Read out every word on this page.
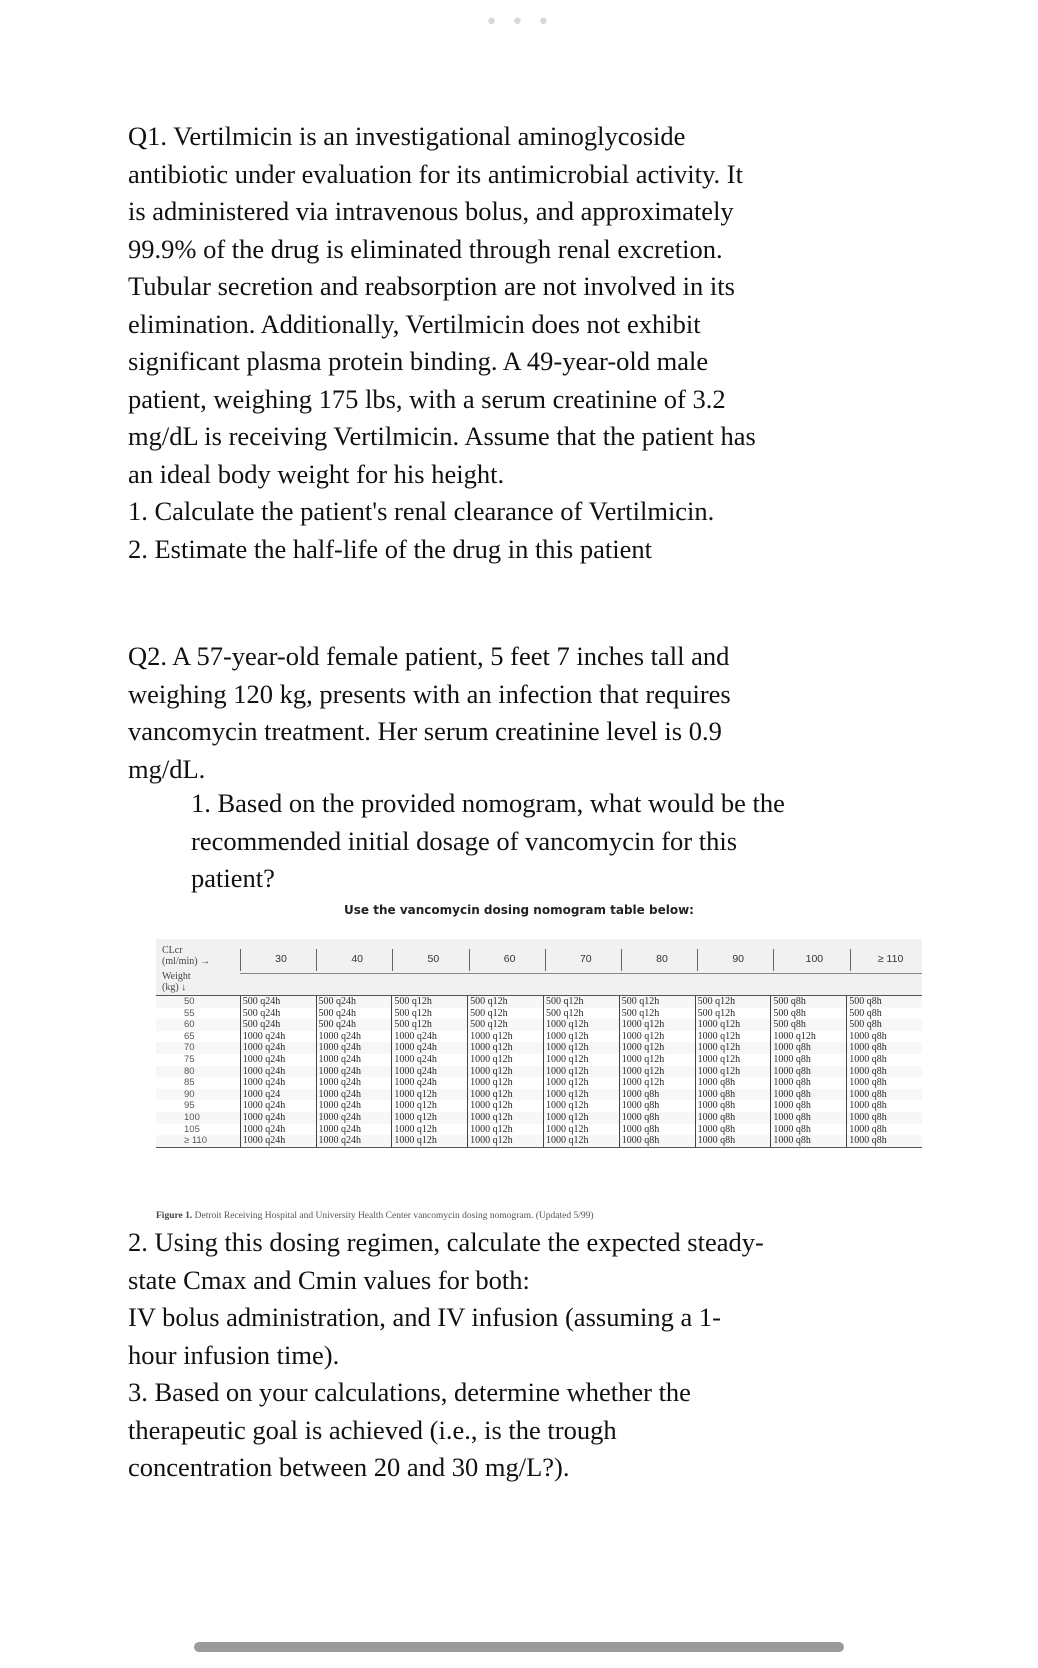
• • •

Q1. Vertilmicin is an investigational aminoglycoside
antibiotic under evaluation for its antimicrobial activity. It
is administered via intravenous bolus, and approximately
99.9% of the drug is eliminated through renal excretion.
Tubular secretion and reabsorption are not involved in its
elimination. Additionally, Vertilmicin does not exhibit
significant plasma protein binding. A 49-year-old male
patient, weighing 175 lbs, with a serum creatinine of 3.2
mg/dL is receiving Vertilmicin. Assume that the patient has
an ideal body weight for his height.
1. Calculate the patient's renal clearance of Vertilmicin.
2. Estimate the half-life of the drug in this patient

Q2. A 57-year-old female patient, 5 feet 7 inches tall and
weighing 120 kg, presents with an infection that requires
vancomycin treatment. Her serum creatinine level is 0.9
mg/dL.

1. Based on the provided nomogram, what would be the
recommended initial dosage of vancomycin for this
patient?

Use the vancomycin dosing nomogram table below:
CLcr
(ml/min) →
Weight
(kg) ↓
30	40	50	60	70	80	90	100	≥ 110
50	500 q24h	500 q24h	500 q12h	500 q12h	500 q12h	500 q12h	500 q12h	500 q8h	500 q8h
55	500 q24h	500 q24h	500 q12h	500 q12h	500 q12h	500 q12h	500 q12h	500 q8h	500 q8h
60	500 q24h	500 q24h	500 q12h	500 q12h	1000 q12h	1000 q12h	1000 q12h	500 q8h	500 q8h
65	1000 q24h	1000 q24h	1000 q24h	1000 q12h	1000 q12h	1000 q12h	1000 q12h	1000 q12h	1000 q8h
70	1000 q24h	1000 q24h	1000 q24h	1000 q12h	1000 q12h	1000 q12h	1000 q12h	1000 q8h	1000 q8h
75	1000 q24h	1000 q24h	1000 q24h	1000 q12h	1000 q12h	1000 q12h	1000 q12h	1000 q8h	1000 q8h
80	1000 q24h	1000 q24h	1000 q24h	1000 q12h	1000 q12h	1000 q12h	1000 q12h	1000 q8h	1000 q8h
85	1000 q24h	1000 q24h	1000 q24h	1000 q12h	1000 q12h	1000 q12h	1000 q8h	1000 q8h	1000 q8h
90	1000 q24	1000 q24h	1000 q12h	1000 q12h	1000 q12h	1000 q8h	1000 q8h	1000 q8h	1000 q8h
95	1000 q24h	1000 q24h	1000 q12h	1000 q12h	1000 q12h	1000 q8h	1000 q8h	1000 q8h	1000 q8h
100	1000 q24h	1000 q24h	1000 q12h	1000 q12h	1000 q12h	1000 q8h	1000 q8h	1000 q8h	1000 q8h
105	1000 q24h	1000 q24h	1000 q12h	1000 q12h	1000 q12h	1000 q8h	1000 q8h	1000 q8h	1000 q8h
≥ 110	1000 q24h	1000 q24h	1000 q12h	1000 q12h	1000 q12h	1000 q8h	1000 q8h	1000 q8h	1000 q8h
Figure 1. Detroit Receiving Hospital and University Health Center vancomycin dosing nomogram. (Updated 5/99)

2. Using this dosing regimen, calculate the expected steady-
state Cmax and Cmin values for both:
IV bolus administration, and IV infusion (assuming a 1-
hour infusion time).
3. Based on your calculations, determine whether the
therapeutic goal is achieved (i.e., is the trough
concentration between 20 and 30 mg/L?).
